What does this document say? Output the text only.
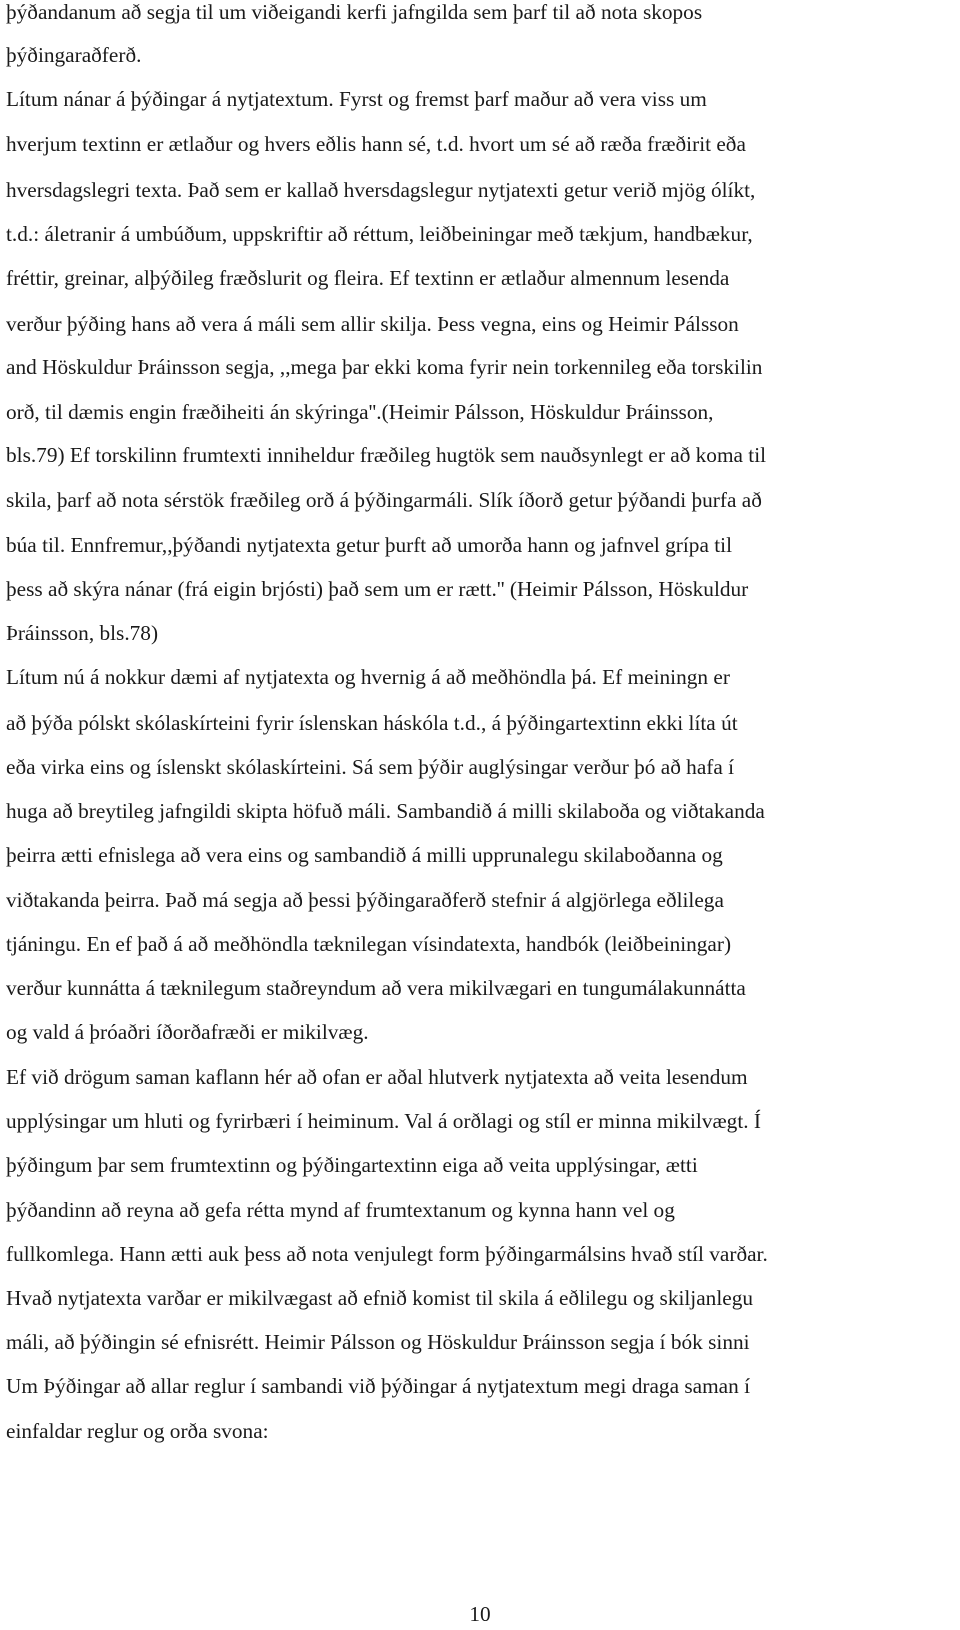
þýðandanum að segja til um viðeigandi kerfi jafngilda sem þarf til að nota skopos
þýðingaraðferð.
Lítum nánar á þýðingar á nytjatextum. Fyrst og fremst þarf maður að vera viss um
hverjum textinn er ætlaður og hvers eðlis hann sé, t.d. hvort um sé að ræða fræðirit eða
hversdagslegri texta. Það sem er kallað hversdagslegur nytjatexti getur verið mjög ólíkt,
t.d.: áletranir á umbúðum, uppskriftir að réttum, leiðbeiningar með tækjum, handbækur,
fréttir, greinar, alþýðileg fræðslurit og fleira. Ef textinn er ætlaður almennum lesenda
verður þýðing hans að vera á máli sem allir skilja. Þess vegna, eins og Heimir Pálsson
and Höskuldur Þráinsson segja, ,,mega þar ekki koma fyrir nein torkennileg eða torskilin
orð, til dæmis engin fræðiheiti án skýringa''.(Heimir Pálsson, Höskuldur Þráinsson,
bls.79) Ef torskilinn frumtexti inniheldur fræðileg hugtök sem nauðsynlegt er að koma til
skila, þarf að nota sérstök fræðileg orð á þýðingarmáli. Slík íðorð getur þýðandi þurfa að
búa til. Ennfremur,,þýðandi nytjatexta getur þurft að umorða hann og jafnvel grípa til
þess að skýra nánar (frá eigin brjósti) það sem um er rætt.'' (Heimir Pálsson, Höskuldur
Þráinsson, bls.78)
Lítum nú á nokkur dæmi af nytjatexta og hvernig á að meðhöndla þá. Ef meiningn er
að þýða pólskt skólaskírteini fyrir íslenskan háskóla t.d., á þýðingartextinn ekki líta út
eða virka eins og íslenskt skólaskírteini. Sá sem þýðir auglýsingar verður þó að hafa í
huga að breytileg jafngildi skipta höfuð máli. Sambandið á milli skilaboða og viðtakanda
þeirra ætti efnislega að vera eins og sambandið á milli upprunalegu skilaboðanna og
viðtakanda þeirra. Það má segja að þessi þýðingaraðferð stefnir á algjörlega eðlilega
tjáningu. En ef það á að meðhöndla tæknilegan vísindatexta, handbók (leiðbeiningar)
verður kunnátta á tæknilegum staðreyndum að vera mikilvægari en tungumálakunnátta
og vald á þróaðri íðorðafræði er mikilvæg.
Ef við drögum saman kaflann hér að ofan er aðal hlutverk nytjatexta að veita lesendum
upplýsingar um hluti og fyrirbæri í heiminum. Val á orðlagi og stíl er minna mikilvægt. Í
þýðingum þar sem frumtextinn og þýðingartextinn eiga að veita upplýsingar, ætti
þýðandinn að reyna að gefa rétta mynd af frumtextanum og kynna hann vel og
fullkomlega. Hann ætti auk þess að nota venjulegt form þýðingarmálsins hvað stíl varðar.
Hvað nytjatexta varðar er mikilvægast að efnið komist til skila á eðlilegu og skiljanlegu
máli, að þýðingin sé efnisrétt. Heimir Pálsson og Höskuldur Þráinsson segja í bók sinni
Um Þýðingar að allar reglur í sambandi við þýðingar á nytjatextum megi draga saman í
einfaldar reglur og orða svona:
10
